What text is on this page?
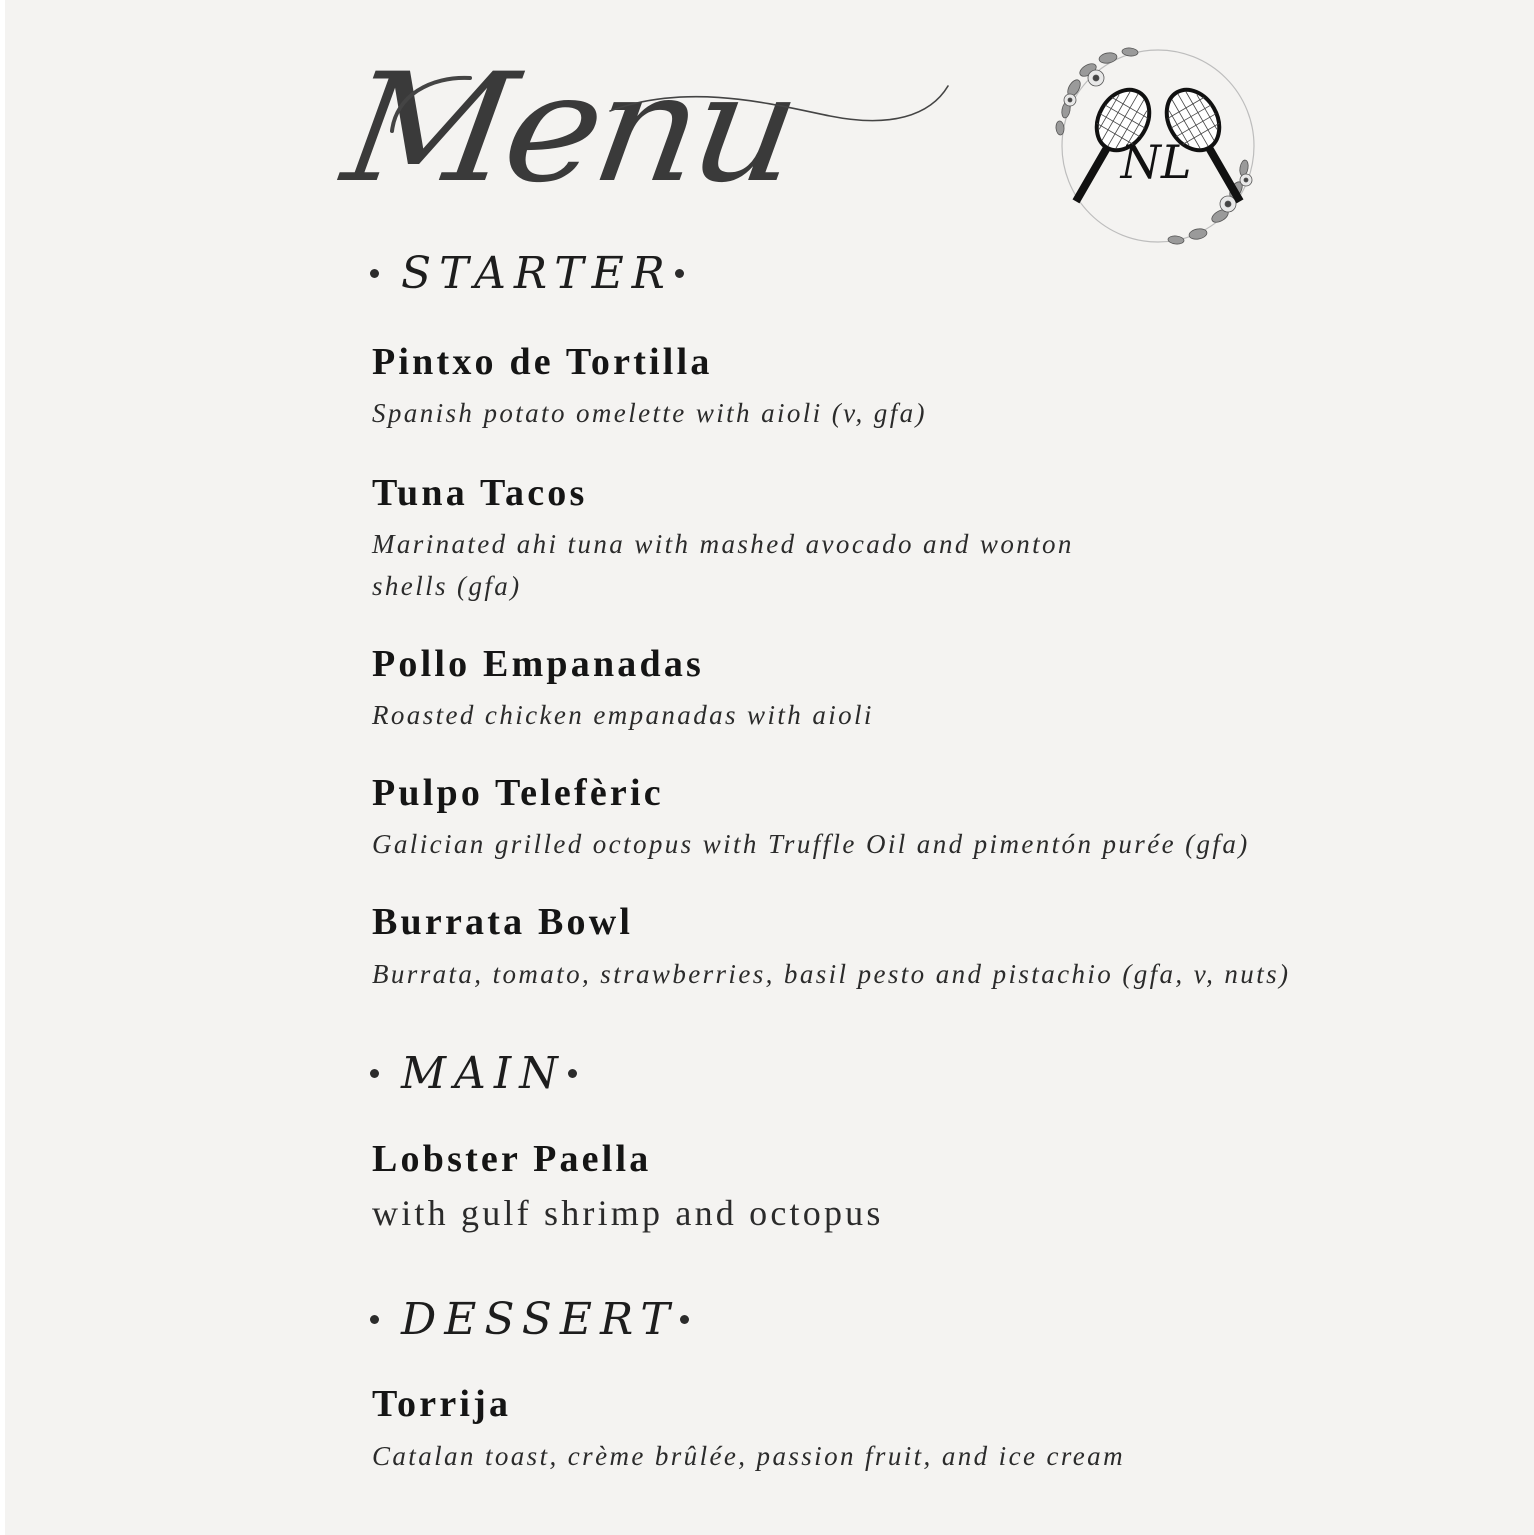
Menu	NL
STARTER
Pintxo de Tortilla
Spanish potato omelette with aioli (v, gfa)
Tuna Tacos
Marinated ahi tuna with mashed avocado and wonton
shells (gfa)
Pollo Empanadas
Roasted chicken empanadas with aioli
Pulpo Telefèric
Galician grilled octopus with Truffle Oil and pimentón purée (gfa)
Burrata Bowl
Burrata, tomato, strawberries, basil pesto and pistachio (gfa, v, nuts)
MAIN
Lobster Paella
with gulf shrimp and octopus
DESSERT
Torrija
Catalan toast, crème brûlée, passion fruit, and ice cream
